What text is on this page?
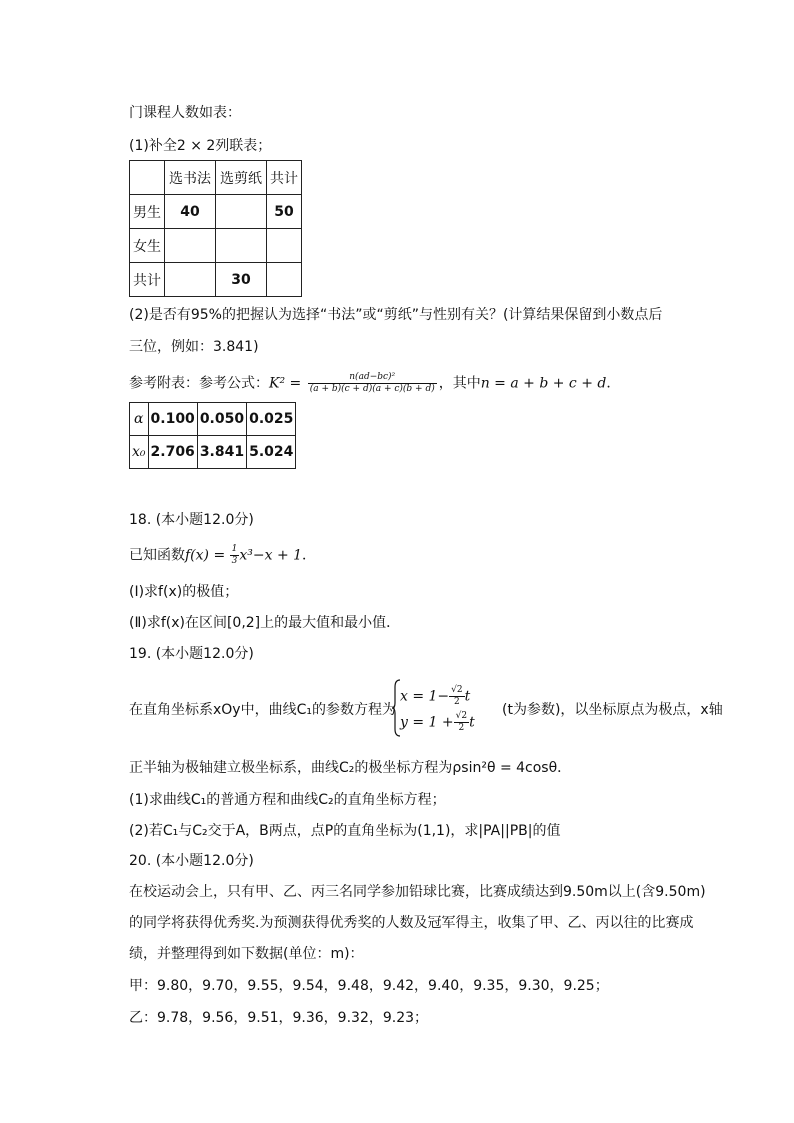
门课程人数如表：
(1)补全2 × 2列联表；
	选书法	选剪纸	共计
男生	40		50
女生			
共计		30	
(2)是否有95%的把握认为选择“书法”或“剪纸”与性别有关？(计算结果保留到小数点后
三位，例如：3.841)
参考附表：参考公式：$K^2 = \frac{\text{n(ad−bc)²}}{(a + b)(c + d)(a + c)(b + d)}$ ，其中n = a + b + c + d．
α	0.100	0.050	0.025
x₀	2.706	3.841	5.024
18. (本小题12.0分)
已知函数$f(x) = \frac{1}{3} x^3-x + 1$．
(Ⅰ)求f(x)的极值；
(Ⅱ)求f(x)在区间[0,2]上的最大值和最小值．
19. (本小题12.0分)
在直角坐标系xOy中，曲线C₁的参数方程为
$x = 1- \frac{√2}{2}$ t
$y = 1 + \frac{√2}{2}$ t
(t为参数)，以坐标原点为极点，x轴
正半轴为极轴建立极坐标系，曲线C₂的极坐标方程为ρsin²θ = 4cosθ．
(1)求曲线C₁的普通方程和曲线C₂的直角坐标方程；
(2)若C₁与C₂交于A，B两点，点P的直角坐标为(1,1)，求|PA||PB|的值
20. (本小题12.0分)
在校运动会上，只有甲、乙、丙三名同学参加铅球比赛，比赛成绩达到9.50m以上(含9.50m)
的同学将获得优秀奖.为预测获得优秀奖的人数及冠军得主，收集了甲、乙、丙以往的比赛成
绩，并整理得到如下数据(单位：m)：
甲：9.80，9.70，9.55，9.54，9.48，9.42，9.40，9.35，9.30，9.25；
乙：9.78，9.56，9.51，9.36，9.32，9.23；
